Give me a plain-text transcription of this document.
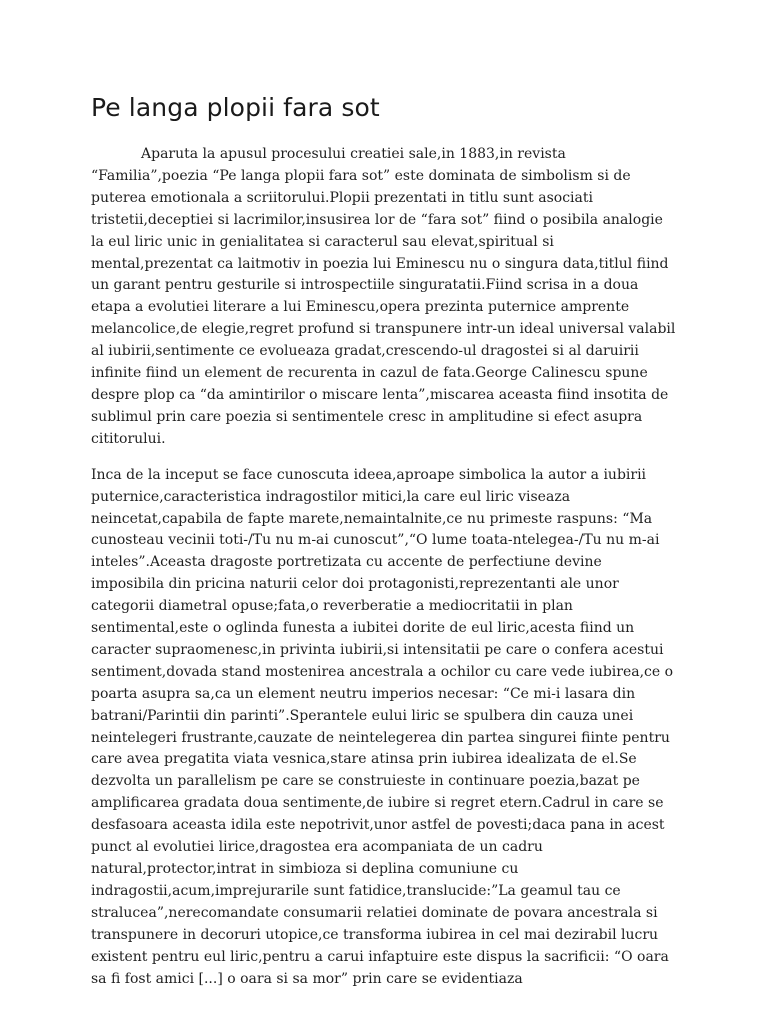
Pe langa plopii fara sot

Aparuta la apusul procesului creatiei sale,in 1883,in revista “Familia”,poezia “Pe langa plopii fara sot” este dominata de simbolism si de puterea emotionala a scriitorului.Plopii prezentati in titlu sunt asociati tristetii,deceptiei si lacrimilor,insusirea lor de “fara sot” fiind o posibila analogie la eul liric unic in genialitatea si caracterul sau elevat,spiritual si mental,prezentat ca laitmotiv in poezia lui Eminescu nu o singura data,titlul fiind un garant pentru gesturile si introspectiile singuratatii.Fiind scrisa in a doua etapa a evolutiei literare a lui Eminescu,opera prezinta puternice amprente melancolice,de elegie,regret profund si transpunere intr-un ideal universal valabil al iubirii,sentimente ce evolueaza gradat,crescendo-ul dragostei si al daruirii infinite fiind un element de recurenta in cazul de fata.George Calinescu spune despre plop ca “da amintirilor o miscare lenta”,miscarea aceasta fiind insotita de sublimul prin care poezia si sentimentele cresc in amplitudine si efect asupra cititorului.

Inca de la inceput se face cunoscuta ideea,aproape simbolica la autor a iubirii puternice,caracteristica indragostilor mitici,la care eul liric viseaza neincetat,capabila de fapte marete,nemaintalnite,ce nu primeste raspuns: “Ma cunosteau vecinii toti-/Tu nu m-ai cunoscut”,“O lume toata-ntelegea-/Tu nu m-ai inteles”.Aceasta dragoste portretizata cu accente de perfectiune devine imposibila din pricina naturii celor doi protagonisti,reprezentanti ale unor categorii diametral opuse;fata,o reverberatie a mediocritatii in plan sentimental,este o oglinda funesta a iubitei dorite de eul liric,acesta fiind un caracter supraomenesc,in privinta iubirii,si intensitatii pe care o confera acestui sentiment,dovada stand mostenirea ancestrala a ochilor cu care vede iubirea,ce o poarta asupra sa,ca un element neutru imperios necesar: “Ce mi-i lasara din batrani/Parintii din parinti”.Sperantele eului liric se spulbera din cauza unei neintelegeri frustrante,cauzate de neintelegerea din partea singurei fiinte pentru care avea pregatita viata vesnica,stare atinsa prin iubirea idealizata de el.Se dezvolta un parallelism pe care se construieste in continuare poezia,bazat pe amplificarea gradata doua sentimente,de iubire si regret etern.Cadrul in care se desfasoara aceasta idila este nepotrivit,unor astfel de povesti;daca pana in acest punct al evolutiei lirice,dragostea era acompaniata de un cadru natural,protector,intrat in simbioza si deplina comuniune cu indragostii,acum,imprejurarile sunt fatidice,translucide:”La geamul tau ce stralucea”,nerecomandate consumarii relatiei dominate de povara ancestrala si transpunere in decoruri utopice,ce transforma iubirea in cel mai dezirabil lucru existent pentru eul liric,pentru a carui infaptuire este dispus la sacrificii: “O oara sa fi fost amici [...] o oara si sa mor” prin care se evidentiaza
